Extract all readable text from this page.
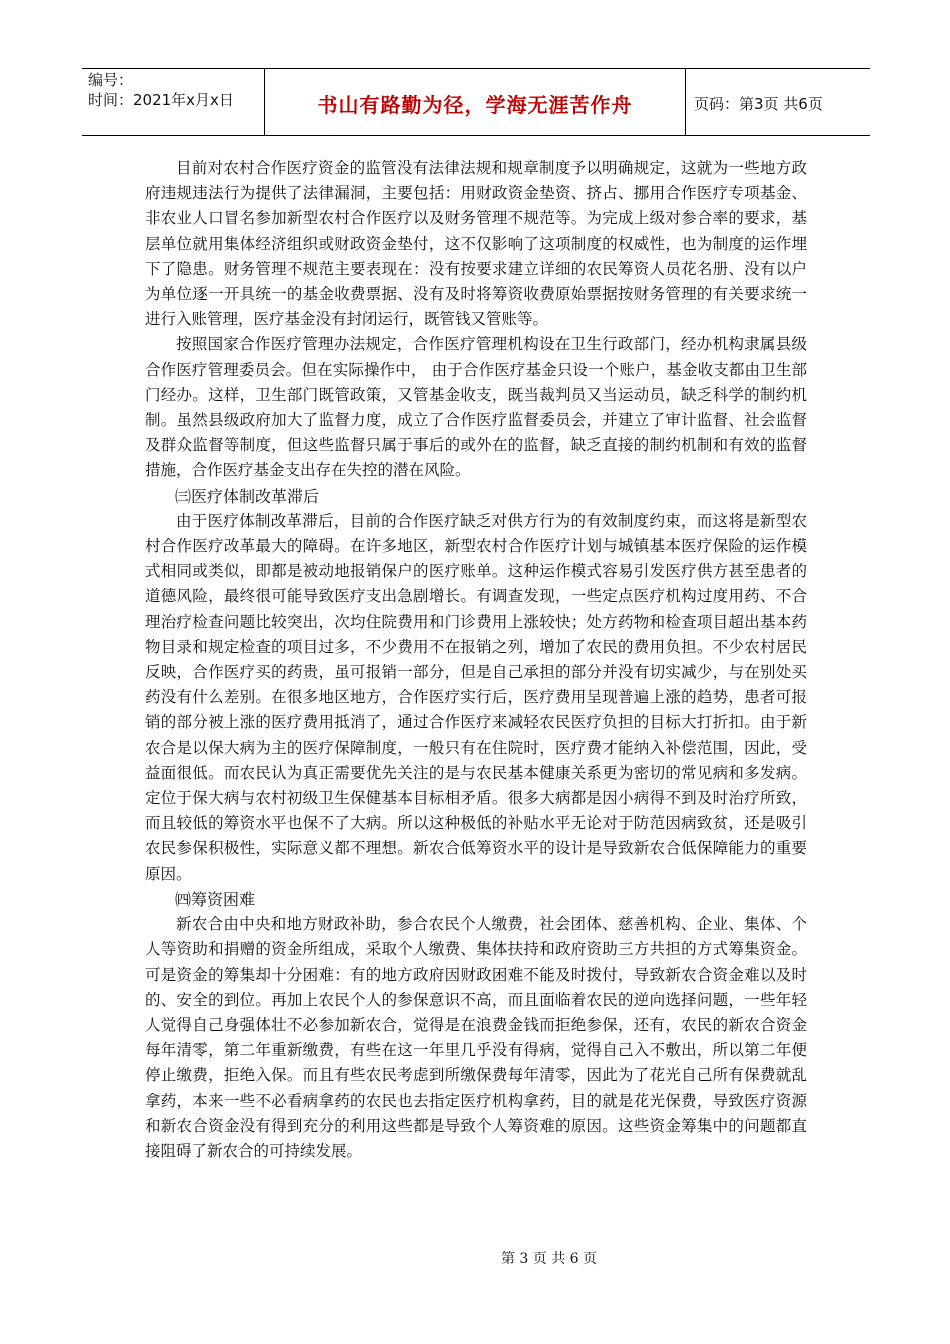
编号：
时间：2021年x月x日	书山有路勤为径，学海无涯苦作舟	页码：第3页 共6页

目前对农村合作医疗资金的监管没有法律法规和规章制度予以明确规定，这就为一些地方政府违规违法行为提供了法律漏洞，主要包括：用财政资金垫资、挤占、挪用合作医疗专项基金、非农业人口冒名参加新型农村合作医疗以及财务管理不规范等。为完成上级对参合率的要求，基层单位就用集体经济组织或财政资金垫付，这不仅影响了这项制度的权威性，也为制度的运作埋下了隐患。财务管理不规范主要表现在：没有按要求建立详细的农民筹资人员花名册、没有以户为单位逐一开具统一的基金收费票据、没有及时将筹资收费原始票据按财务管理的有关要求统一进行入账管理，医疗基金没有封闭运行，既管钱又管账等。

按照国家合作医疗管理办法规定，合作医疗管理机构设在卫生行政部门，经办机构隶属县级合作医疗管理委员会。但在实际操作中， 由于合作医疗基金只设一个账户，基金收支都由卫生部门经办。这样，卫生部门既管政策，又管基金收支，既当裁判员又当运动员，缺乏科学的制约机制。虽然县级政府加大了监督力度，成立了合作医疗监督委员会，并建立了审计监督、社会监督及群众监督等制度，但这些监督只属于事后的或外在的监督，缺乏直接的制约机制和有效的监督措施，合作医疗基金支出存在失控的潜在风险。

㈢医疗体制改革滞后

由于医疗体制改革滞后，目前的合作医疗缺乏对供方行为的有效制度约束，而这将是新型农村合作医疗改革最大的障碍。在许多地区，新型农村合作医疗计划与城镇基本医疗保险的运作模式相同或类似，即都是被动地报销保户的医疗账单。这种运作模式容易引发医疗供方甚至患者的道德风险，最终很可能导致医疗支出急剧增长。有调查发现，一些定点医疗机构过度用药、不合理治疗检查问题比较突出，次均住院费用和门诊费用上涨较快；处方药物和检查项目超出基本药物目录和规定检查的项目过多，不少费用不在报销之列，增加了农民的费用负担。不少农村居民反映，合作医疗买的药贵，虽可报销一部分，但是自己承担的部分并没有切实减少，与在别处买药没有什么差别。在很多地区地方，合作医疗实行后，医疗费用呈现普遍上涨的趋势，患者可报销的部分被上涨的医疗费用抵消了，通过合作医疗来减轻农民医疗负担的目标大打折扣。由于新农合是以保大病为主的医疗保障制度，一般只有在住院时，医疗费才能纳入补偿范围，因此，受益面很低。而农民认为真正需要优先关注的是与农民基本健康关系更为密切的常见病和多发病。定位于保大病与农村初级卫生保健基本目标相矛盾。很多大病都是因小病得不到及时治疗所致，而且较低的筹资水平也保不了大病。所以这种极低的补贴水平无论对于防范因病致贫，还是吸引农民参保积极性，实际意义都不理想。新农合低筹资水平的设计是导致新农合低保障能力的重要原因。

㈣筹资困难

新农合由中央和地方财政补助，参合农民个人缴费，社会团体、慈善机构、企业、集体、个人等资助和捐赠的资金所组成，采取个人缴费、集体扶持和政府资助三方共担的方式筹集资金。可是资金的筹集却十分困难：有的地方政府因财政困难不能及时拨付，导致新农合资金难以及时的、安全的到位。再加上农民个人的参保意识不高，而且面临着农民的逆向选择问题，一些年轻人觉得自己身强体壮不必参加新农合，觉得是在浪费金钱而拒绝参保，还有，农民的新农合资金每年清零，第二年重新缴费，有些在这一年里几乎没有得病，觉得自己入不敷出，所以第二年便停止缴费，拒绝入保。而且有些农民考虑到所缴保费每年清零，因此为了花光自己所有保费就乱拿药，本来一些不必看病拿药的农民也去指定医疗机构拿药，目的就是花光保费，导致医疗资源和新农合资金没有得到充分的利用这些都是导致个人筹资难的原因。这些资金筹集中的问题都直接阻碍了新农合的可持续发展。

第 3 页 共 6 页
